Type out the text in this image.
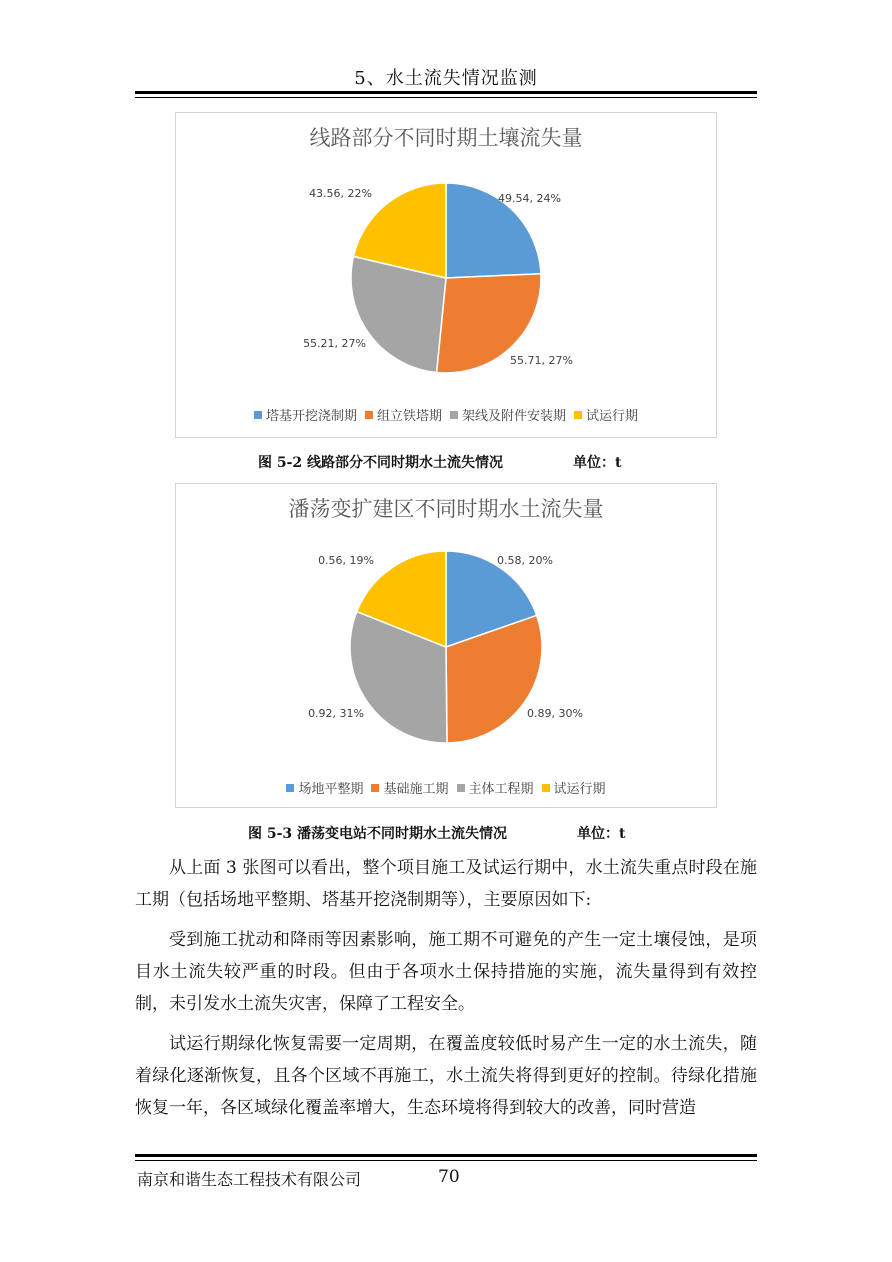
5、水土流失情况监测
线路部分不同时期土壤流失量
49.54, 24%
55.71, 27%
55.21, 27%
43.56, 22%
塔基开挖浇制期 组立铁塔期 架线及附件安装期 试运行期
图 5-2 线路部分不同时期水土流失情况	单位：t
潘荡变扩建区不同时期水土流失量
0.58, 20%
0.89, 30%
0.92, 31%
0.56, 19%
场地平整期 基础施工期 主体工程期 试运行期
图 5-3 潘荡变电站不同时期水土流失情况	单位：t

从上面 3 张图可以看出，整个项目施工及试运行期中，水土流失重点时段在施工期（包括场地平整期、塔基开挖浇制期等），主要原因如下:

受到施工扰动和降雨等因素影响，施工期不可避免的产生一定土壤侵蚀，是项目水土流失较严重的时段。但由于各项水土保持措施的实施，流失量得到有效控制，未引发水土流失灾害，保障了工程安全。

试运行期绿化恢复需要一定周期，在覆盖度较低时易产生一定的水土流失，随着绿化逐渐恢复，且各个区域不再施工，水土流失将得到更好的控制。待绿化措施恢复一年，各区域绿化覆盖率增大，生态环境将得到较大的改善，同时营造

南京和谐生态工程技术有限公司	70
